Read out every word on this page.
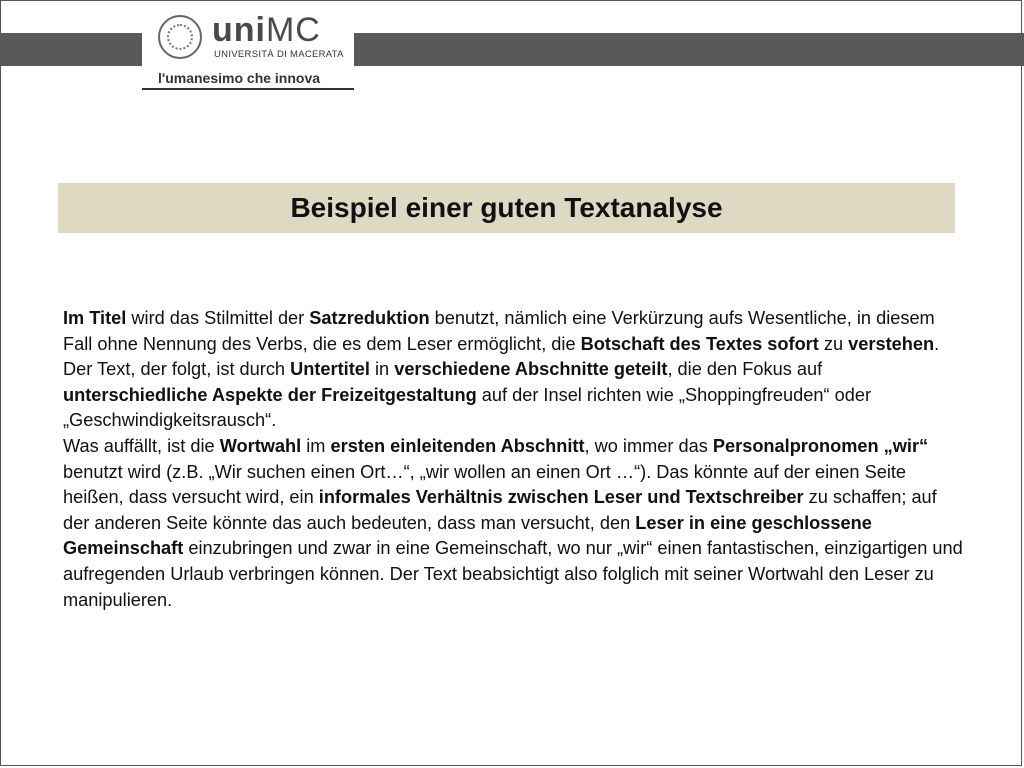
uniMC
UNIVERSITÀ DI MACERATA
l'umanesimo che innova
Beispiel einer guten Textanalyse
Im Titel wird das Stilmittel der Satzreduktion benutzt, nämlich eine Verkürzung aufs Wesentliche, in diesem Fall ohne Nennung des Verbs, die es dem Leser ermöglicht, die Botschaft des Textes sofort zu verstehen.
Der Text, der folgt, ist durch Untertitel in verschiedene Abschnitte geteilt, die den Fokus auf unterschiedliche Aspekte der Freizeitgestaltung auf der Insel richten wie „Shoppingfreuden“ oder „Geschwindigkeitsrausch“.
Was auffällt, ist die Wortwahl im ersten einleitenden Abschnitt, wo immer das Personalpronomen „wir“ benutzt wird (z.B. „Wir suchen einen Ort…“, „wir wollen an einen Ort …“). Das könnte auf der einen Seite heißen, dass versucht wird, ein informales Verhältnis zwischen Leser und Textschreiber zu schaffen; auf der anderen Seite könnte das auch bedeuten, dass man versucht, den Leser in eine geschlossene Gemeinschaft einzubringen und zwar in eine Gemeinschaft, wo nur „wir“ einen fantastischen, einzigartigen und aufregenden Urlaub verbringen können. Der Text beabsichtigt also folglich mit seiner Wortwahl den Leser zu manipulieren.
